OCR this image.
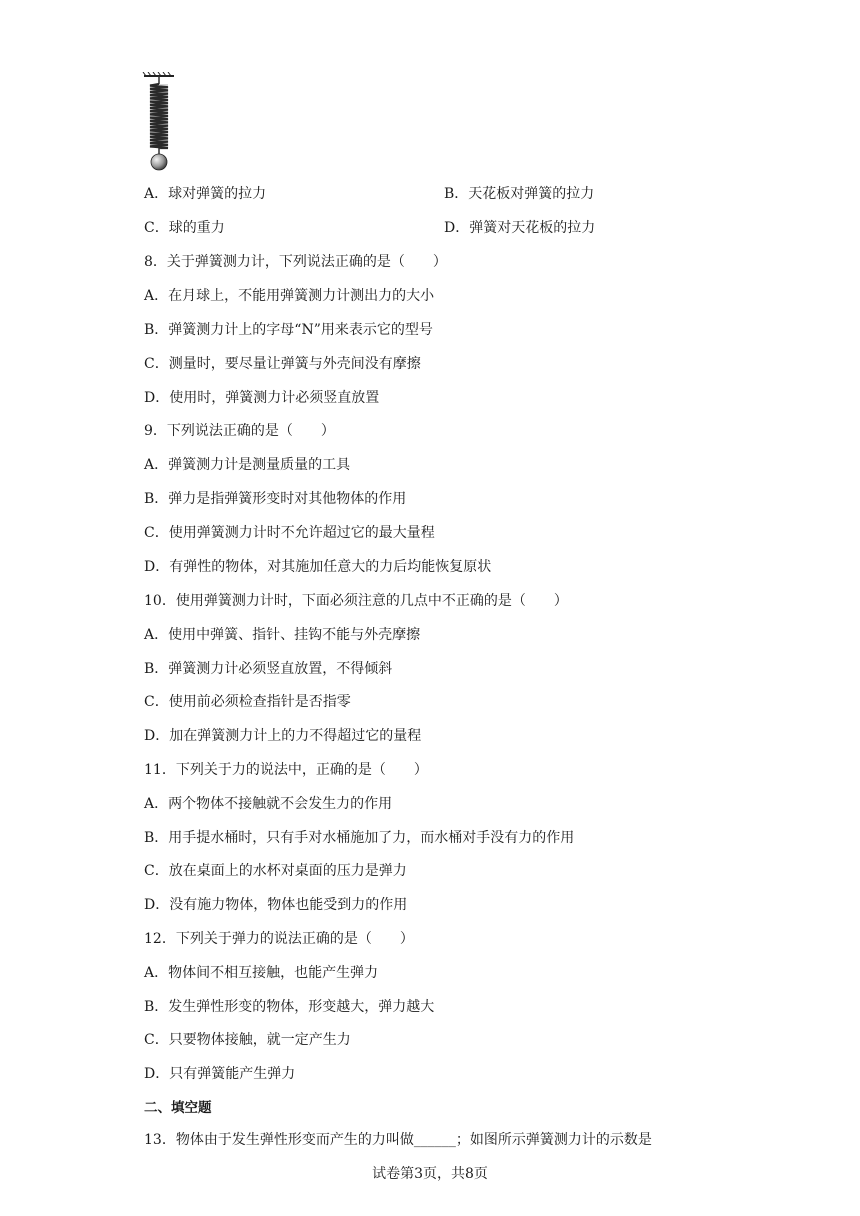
A．球对弹簧的拉力	B．天花板对弹簧的拉力
C．球的重力	D．弹簧对天花板的拉力
8．关于弹簧测力计，下列说法正确的是（　　）
A．在月球上，不能用弹簧测力计测出力的大小
B．弹簧测力计上的字母“N”用来表示它的型号
C．测量时，要尽量让弹簧与外壳间没有摩擦
D．使用时，弹簧测力计必须竖直放置
9．下列说法正确的是（　　）
A．弹簧测力计是测量质量的工具
B．弹力是指弹簧形变时对其他物体的作用
C．使用弹簧测力计时不允许超过它的最大量程
D．有弹性的物体，对其施加任意大的力后均能恢复原状
10．使用弹簧测力计时，下面必须注意的几点中不正确的是（　　）
A．使用中弹簧、指针、挂钩不能与外壳摩擦
B．弹簧测力计必须竖直放置，不得倾斜
C．使用前必须检查指针是否指零
D．加在弹簧测力计上的力不得超过它的量程
11．下列关于力的说法中，正确的是（　　）
A．两个物体不接触就不会发生力的作用
B．用手提水桶时，只有手对水桶施加了力，而水桶对手没有力的作用
C．放在桌面上的水杯对桌面的压力是弹力
D．没有施力物体，物体也能受到力的作用
12．下列关于弹力的说法正确的是（　　）
A．物体间不相互接触，也能产生弹力
B．发生弹性形变的物体，形变越大，弹力越大
C．只要物体接触，就一定产生力
D．只有弹簧能产生弹力
二、填空题
13．物体由于发生弹性形变而产生的力叫做______；如图所示弹簧测力计的示数是
试卷第3页，共8页
